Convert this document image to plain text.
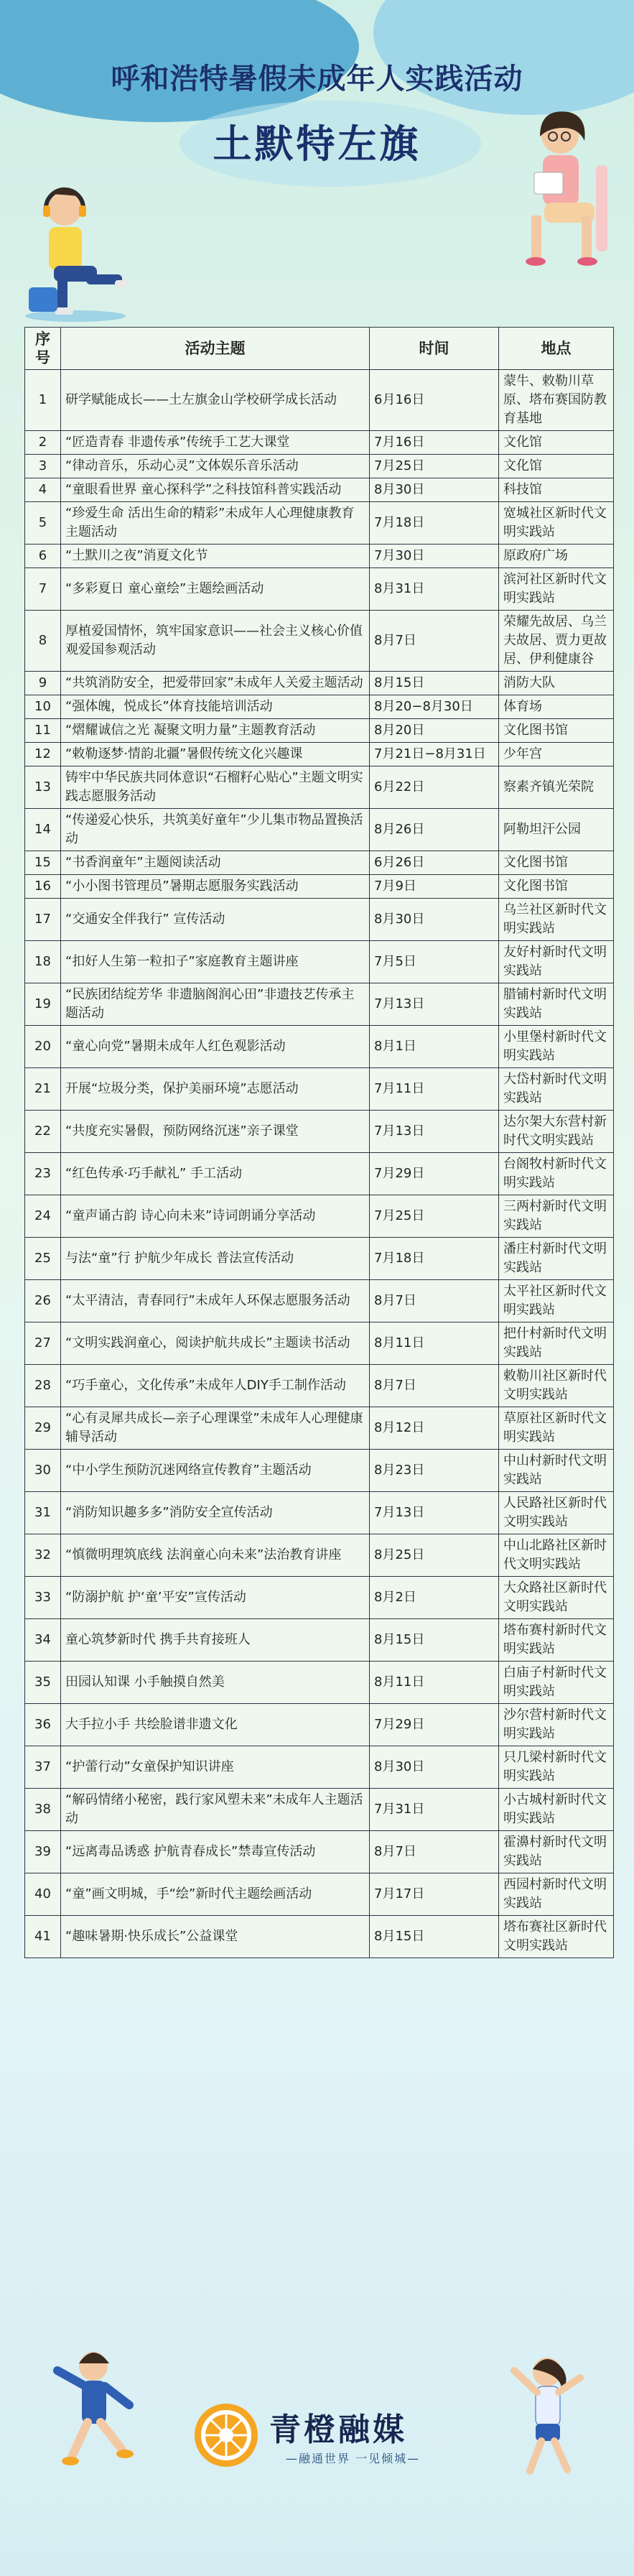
呼和浩特暑假未成年人实践活动
土默特左旗
序号	活动主题	时间	地点
1	研学赋能成长——土左旗金山学校研学成长活动	6月16日	蒙牛、敕勒川草原、塔布赛国防教育基地
2	“匠造青春 非遗传承”传统手工艺大课堂	7月16日	文化馆
3	“律动音乐，乐动心灵”文体娱乐音乐活动	7月25日	文化馆
4	“童眼看世界 童心探科学”之科技馆科普实践活动	8月30日	科技馆
5	“珍爱生命 活出生命的精彩”未成年人心理健康教育主题活动	7月18日	宽城社区新时代文明实践站
6	“土默川之夜”消夏文化节	7月30日	原政府广场
7	“多彩夏日 童心童绘”主题绘画活动	8月31日	滨河社区新时代文明实践站
8	厚植爱国情怀，筑牢国家意识——社会主义核心价值观爱国参观活动	8月7日	荣耀先故居、乌兰夫故居、贾力更故居、伊利健康谷
9	“共筑消防安全，把爱带回家”未成年人关爱主题活动	8月15日	消防大队
10	“强体魄，悦成长”体育技能培训活动	8月20−8月30日	体育场
11	“熠耀诚信之光 凝聚文明力量”主题教育活动	8月20日	文化图书馆
12	“敕勒逐梦·情韵北疆”暑假传统文化兴趣课	7月21日−8月31日	少年宫
13	铸牢中华民族共同体意识“石榴籽心贴心”主题文明实践志愿服务活动	6月22日	察素齐镇光荣院
14	“传递爱心快乐，共筑美好童年”少儿集市物品置换活动	8月26日	阿勒坦汗公园
15	“书香润童年”主题阅读活动	6月26日	文化图书馆
16	“小小图书管理员”暑期志愿服务实践活动	7月9日	文化图书馆
17	“交通安全伴我行” 宣传活动	8月30日	乌兰社区新时代文明实践站
18	“扣好人生第一粒扣子”家庭教育主题讲座	7月5日	友好村新时代文明实践站
19	“民族团结绽芳华 非遗脑阁润心田”非遗技艺传承主题活动	7月13日	腊铺村新时代文明实践站
20	“童心向党”暑期未成年人红色观影活动	8月1日	小里堡村新时代文明实践站
21	开展“垃圾分类，保护美丽环境”志愿活动	7月11日	大岱村新时代文明实践站
22	“共度充实暑假，预防网络沉迷”亲子课堂	7月13日	达尔架大东营村新时代文明实践站
23	“红色传承·巧手献礼” 手工活动	7月29日	台阁牧村新时代文明实践站
24	“童声诵古韵 诗心向未来”诗词朗诵分享活动	7月25日	三两村新时代文明实践站
25	与法“童”行 护航少年成长 普法宣传活动	7月18日	潘庄村新时代文明实践站
26	“太平清洁，青春同行”未成年人环保志愿服务活动	8月7日	太平社区新时代文明实践站
27	“文明实践润童心，阅读护航共成长”主题读书活动	8月11日	把什村新时代文明实践站
28	“巧手童心，文化传承”未成年人DIY手工制作活动	8月7日	敕勒川社区新时代文明实践站
29	“心有灵犀共成长—亲子心理课堂”未成年人心理健康辅导活动	8月12日	草原社区新时代文明实践站
30	“中小学生预防沉迷网络宣传教育”主题活动	8月23日	中山村新时代文明实践站
31	“消防知识趣多多”消防安全宣传活动	7月13日	人民路社区新时代文明实践站
32	“慎微明理筑底线 法润童心向未来”法治教育讲座	8月25日	中山北路社区新时代文明实践站
33	“防溺护航 护‘童’平安”宣传活动	8月2日	大众路社区新时代文明实践站
34	童心筑梦新时代 携手共育接班人	8月15日	塔布赛村新时代文明实践站
35	田园认知课 小手触摸自然美	8月11日	白庙子村新时代文明实践站
36	大手拉小手 共绘脸谱非遗文化	7月29日	沙尔营村新时代文明实践站
37	“护蕾行动”女童保护知识讲座	8月30日	只几梁村新时代文明实践站
38	“解码情绪小秘密，践行家风塑未来”未成年人主题活动	7月31日	小古城村新时代文明实践站
39	“远离毒品诱惑 护航青春成长”禁毒宣传活动	8月7日	霍濞村新时代文明实践站
40	“童”画文明城，手“绘”新时代主题绘画活动	7月17日	西园村新时代文明实践站
41	“趣味暑期·快乐成长”公益课堂	8月15日	塔布赛社区新时代文明实践站
青橙融媒
—融通世界 一见倾城—
